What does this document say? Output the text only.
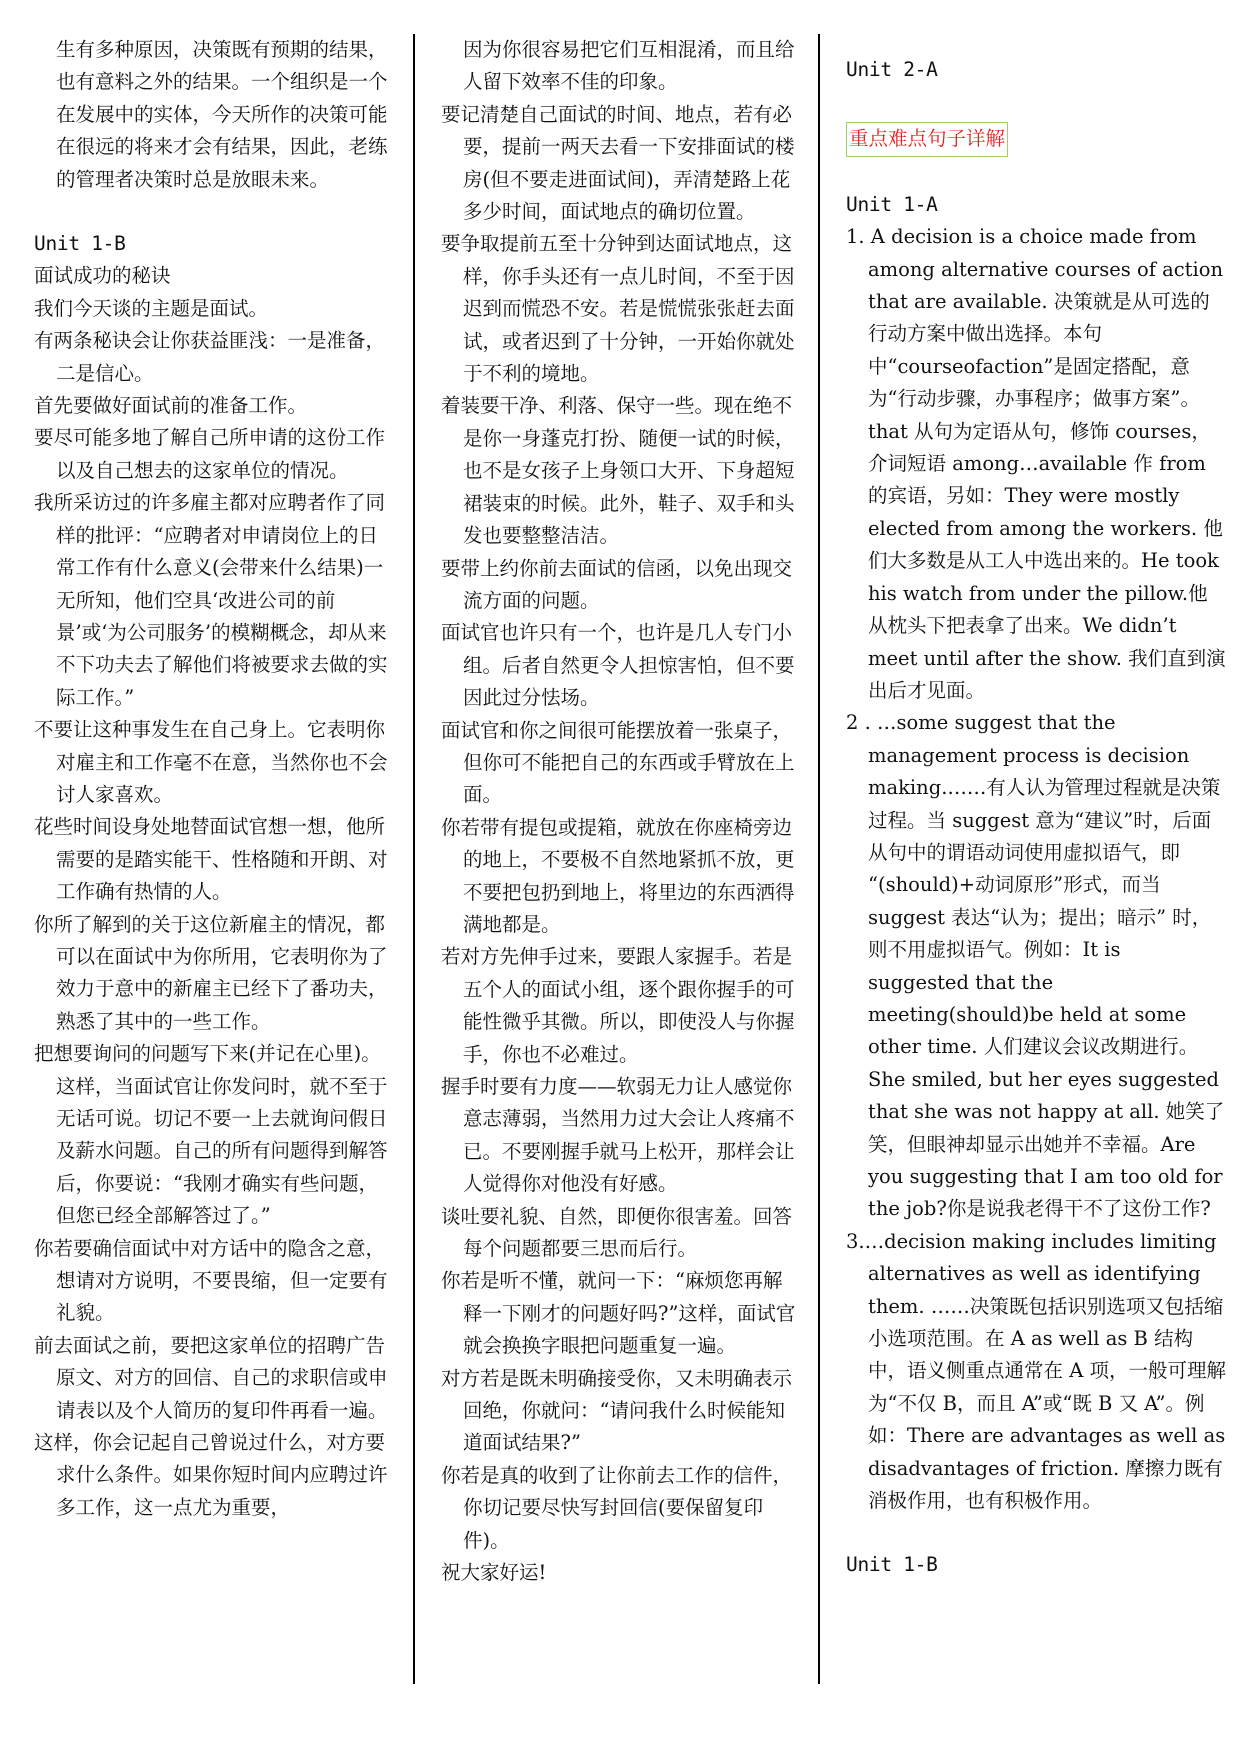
生有多种原因，决策既有预期的结果，也有意料之外的结果。一个组织是一个在发展中的实体，今天所作的决策可能在很远的将来才会有结果，因此，老练的管理者决策时总是放眼未来。

Unit 1-B

面试成功的秘诀

我们今天谈的主题是面试。

有两条秘诀会让你获益匪浅：一是准备，二是信心。

首先要做好面试前的准备工作。

要尽可能多地了解自己所申请的这份工作以及自己想去的这家单位的情况。

我所采访过的许多雇主都对应聘者作了同样的批评：“应聘者对申请岗位上的日常工作有什么意义(会带来什么结果)一无所知，他们空具‘改进公司的前景’或‘为公司服务’的模糊概念，却从来不下功夫去了解他们将被要求去做的实际工作。”

不要让这种事发生在自己身上。它表明你对雇主和工作毫不在意，当然你也不会讨人家喜欢。

花些时间设身处地替面试官想一想，他所需要的是踏实能干、性格随和开朗、对工作确有热情的人。

你所了解到的关于这位新雇主的情况，都可以在面试中为你所用，它表明你为了效力于意中的新雇主已经下了番功夫，熟悉了其中的一些工作。

把想要询问的问题写下来(并记在心里)。这样，当面试官让你发问时，就不至于无话可说。切记不要一上去就询问假日及薪水问题。自己的所有问题得到解答后，你要说：“我刚才确实有些问题，但您已经全部解答过了。”

你若要确信面试中对方话中的隐含之意，想请对方说明，不要畏缩，但一定要有礼貌。

前去面试之前，要把这家单位的招聘广告原文、对方的回信、自己的求职信或申请表以及个人简历的复印件再看一遍。

这样，你会记起自己曾说过什么，对方要求什么条件。如果你短时间内应聘过许多工作，这一点尤为重要，

因为你很容易把它们互相混淆，而且给人留下效率不佳的印象。

要记清楚自己面试的时间、地点，若有必要，提前一两天去看一下安排面试的楼房(但不要走进面试间)，弄清楚路上花多少时间，面试地点的确切位置。

要争取提前五至十分钟到达面试地点，这样，你手头还有一点儿时间，不至于因迟到而慌恐不安。若是慌慌张张赶去面试，或者迟到了十分钟，一开始你就处于不利的境地。

着装要干净、利落、保守一些。现在绝不是你一身蓬克打扮、随便一试的时候，也不是女孩子上身领口大开、下身超短裙装束的时候。此外，鞋子、双手和头发也要整整洁洁。

要带上约你前去面试的信函，以免出现交流方面的问题。

面试官也许只有一个，也许是几人专门小组。后者自然更令人担惊害怕，但不要因此过分怯场。

面试官和你之间很可能摆放着一张桌子，但你可不能把自己的东西或手臂放在上面。

你若带有提包或提箱，就放在你座椅旁边的地上，不要极不自然地紧抓不放，更不要把包扔到地上，将里边的东西洒得满地都是。

若对方先伸手过来，要跟人家握手。若是五个人的面试小组，逐个跟你握手的可能性微乎其微。所以，即使没人与你握手，你也不必难过。

握手时要有力度——软弱无力让人感觉你意志薄弱，当然用力过大会让人疼痛不已。不要刚握手就马上松开，那样会让人觉得你对他没有好感。

谈吐要礼貌、自然，即便你很害羞。回答每个问题都要三思而后行。

你若是听不懂，就问一下：“麻烦您再解释一下刚才的问题好吗?”这样，面试官就会换换字眼把问题重复一遍。

对方若是既未明确接受你，又未明确表示回绝，你就问：“请问我什么时候能知道面试结果?”

你若是真的收到了让你前去工作的信件，你切记要尽快写封回信(要保留复印件)。

祝大家好运!

Unit 2-A

重点难点句子详解

Unit 1-A

1. A decision is a choice made from among alternative courses of action that are available. 决策就是从可选的行动方案中做出选择。本句中“courseofaction”是固定搭配，意为“行动步骤，办事程序；做事方案”。that 从句为定语从句，修饰 courses，介词短语 among…available 作 from 的宾语，另如：They were mostly elected from among the workers. 他们大多数是从工人中选出来的。He took his watch from under the pillow.他从枕头下把表拿了出来。We didn’t meet until after the show. 我们直到演出后才见面。

2 . …some suggest that the management process is decision making.……有人认为管理过程就是决策过程。当 suggest 意为“建议”时，后面从句中的谓语动词使用虚拟语气，即 “(should)+动词原形”形式，而当 suggest 表达“认为；提出；暗示” 时，则不用虚拟语气。例如：It is suggested that the meeting(should)be held at some other time. 人们建议会议改期进行。She smiled, but her eyes suggested that she was not happy at all. 她笑了笑，但眼神却显示出她并不幸福。Are you suggesting that I am too old for the job?你是说我老得干不了这份工作?

3.…decision making includes limiting alternatives as well as identifying them. ……决策既包括识别选项又包括缩小选项范围。在 A as well as B 结构中，语义侧重点通常在 A 项，一般可理解为“不仅 B，而且 A”或“既 B 又 A”。例如：There are advantages as well as disadvantages of friction. 摩擦力既有消极作用，也有积极作用。

Unit 1-B
